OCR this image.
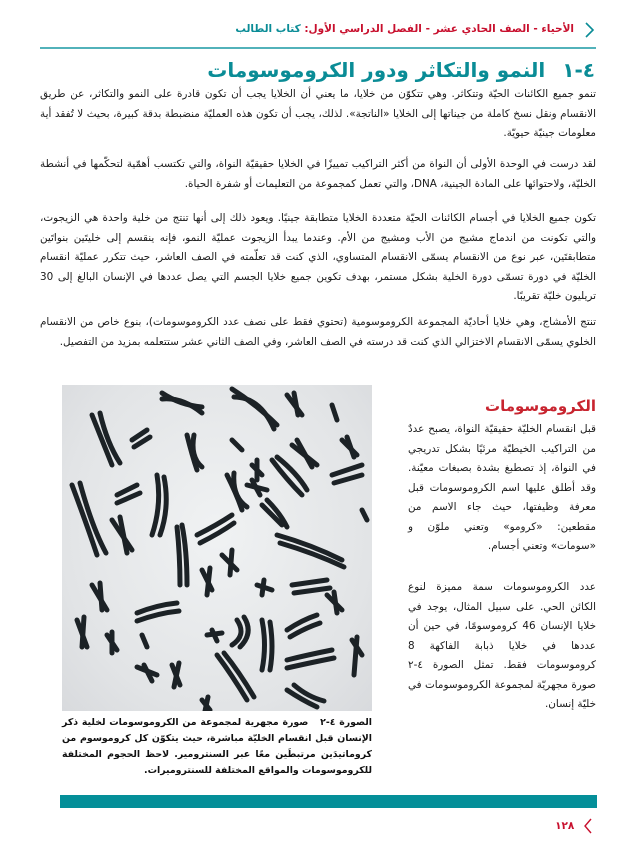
الأحياء - الصف الحادي عشر - الفصل الدراسي الأول: كتاب الطالب
٤-١ النمو والتكاثر ودور الكروموسومات

تنمو جميع الكائنات الحيّة وتتكاثر. وهي تتكوّن من خلايا، ما يعني أن الخلايا يجب أن تكون قادرة على النمو والتكاثر، عن طريق الانقسام ونقل نسخ كاملة من جيناتها إلى الخلايا «الناتجة». لذلك، يجب أن تكون هذه العمليّة منضبطة بدقة كبيرة، بحيث لا تُفقد أية معلومات جينيّة حيويّة.

لقد درست في الوحدة الأولى أن النواة من أكثر التراكيب تمييزًا في الخلايا حقيقيّة النواة، والتي تكتسب أهمّية لتحكّمها في أنشطة الخليّة، ولاحتوائها على المادة الجينية، DNA، والتي تعمل كمجموعة من التعليمات أو شفرة الحياة.

تكون جميع الخلايا في أجسام الكائنات الحيّة متعددة الخلايا متطابقة جينيًا. ويعود ذلك إلى أنها تنتج من خلية واحدة هي الزيجوت، والتي تكونت من اندماج مشيج من الأب ومشيج من الأم. وعندما يبدأ الزيجوت عمليّة النمو، فإنه ينقسم إلى خليتَين بنواتَين متطابقتَين، عبر نوع من الانقسام يسمّى الانقسام المتساوي، الذي كنت قد تعلّمته في الصف العاشر، حيث تتكرر عمليّة انقسام الخليّة في دورة تسمّى دورة الخلية بشكل مستمر، بهدف تكوين جميع خلايا الجسم التي يصل عددها في الإنسان البالغ إلى 30 تريليون خليّة تقريبًا.

تنتج الأمشاج، وهي خلايا أحاديّة المجموعة الكروموسومية (تحتوي فقط على نصف عدد الكروموسومات)، بنوع خاص من الانقسام الخلوي يسمّى الانقسام الاختزالي الذي كنت قد درسته في الصف العاشر، وفي الصف الثاني عشر ستتعلمه بمزيد من التفصيل.

الكروموسومات

قبل انقسام الخليّة حقيقيّة النواة، يصبح عددٌ من التراكيب الخيطيّة مرئيًا بشكل تدريجي في النواة، إذ تصطبغ بشدة بصبغات معيّنة. وقد أطلق عليها اسم الكروموسومات قبل معرفة وظيفتها، حيث جاء الاسم من مقطعين: «كرومو» وتعني ملوّن و «سومات» وتعني أجسام.

عدد الكروموسومات سمة مميزة لنوع الكائن الحي. على سبيل المثال، يوجد في خلايا الإنسان 46 كروموسومًا، في حين أن عددها في خلايا ذبابة الفاكهة 8 كروموسومات فقط. تمثل الصورة ٤-٢ صورة مجهريّة لمجموعة الكروموسومات في خليّة إنسان.

الصورة ٤-٢ صورة مجهرية لمجموعة من الكروموسومات لخلية ذكر الإنسان قبل انقسام الخليّة مباشرة، حيث يتكوّن كل كروموسوم من كروماتيدَين مرتبطَين معًا عبر السنترومير. لاحظ الحجوم المختلفة للكروموسومات والمواقع المختلفة للسنتروميرات.
١٢٨
